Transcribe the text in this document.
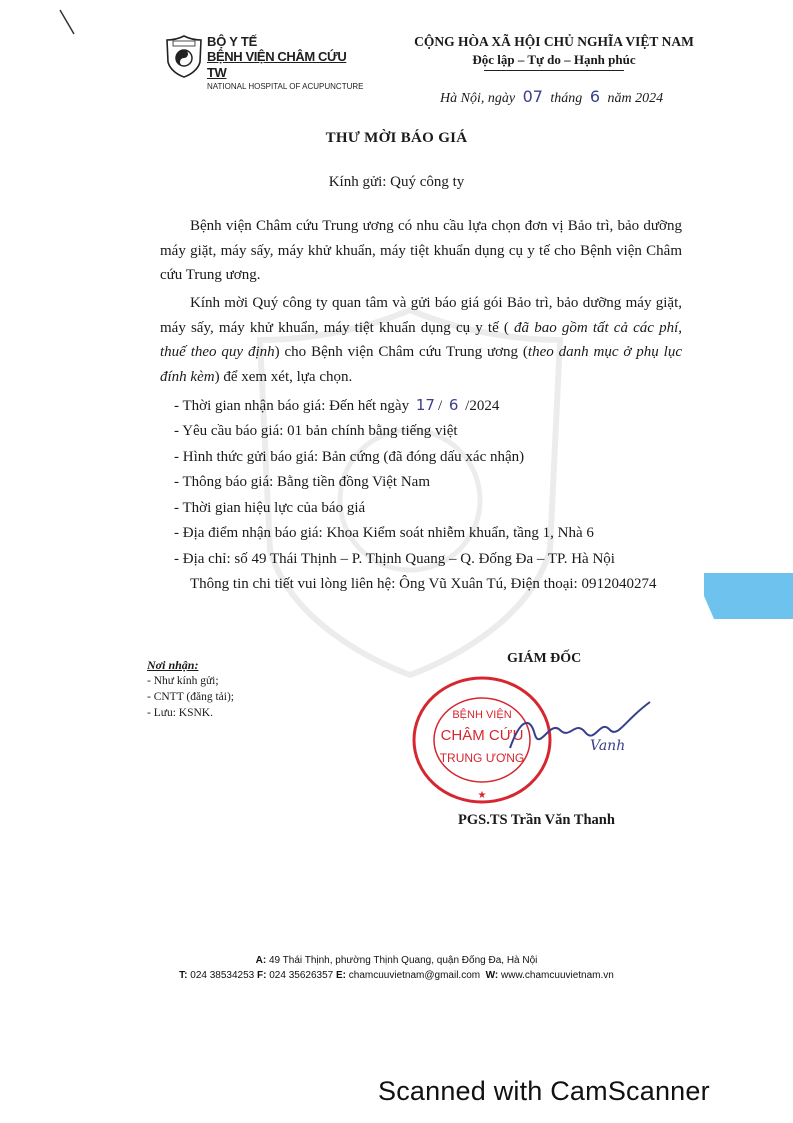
BỘ Y TẾ
BỆNH VIỆN CHÂM CỨU TW
NATIONAL HOSPITAL OF ACUPUNCTURE
CỘNG HÒA XÃ HỘI CHỦ NGHĨA VIỆT NAM
Độc lập – Tự do – Hạnh phúc
Hà Nội, ngày 07 tháng 6 năm 2024
THƯ MỜI BÁO GIÁ
Kính gửi: Quý công ty

Bệnh viện Châm cứu Trung ương có nhu cầu lựa chọn đơn vị Bảo trì, bảo dưỡng máy giặt, máy sấy, máy khử khuẩn, máy tiệt khuẩn dụng cụ y tế cho Bệnh viện Châm cứu Trung ương.

Kính mời Quý công ty quan tâm và gửi báo giá gói Bảo trì, bảo dưỡng máy giặt, máy sấy, máy khử khuẩn, máy tiệt khuẩn dụng cụ y tế ( đã bao gồm tất cả các phí, thuế theo quy định) cho Bệnh viện Châm cứu Trung ương (theo danh mục ở phụ lục đính kèm) để xem xét, lựa chọn.

- Thời gian nhận báo giá: Đến hết ngày 17 / 6 /2024
- Yêu cầu báo giá: 01 bản chính bằng tiếng việt
- Hình thức gửi báo giá: Bản cứng (đã đóng dấu xác nhận)
- Thông báo giá: Bằng tiền đồng Việt Nam
- Thời gian hiệu lực của báo giá
- Địa điểm nhận báo giá: Khoa Kiểm soát nhiễm khuẩn, tầng 1, Nhà 6
- Địa chỉ: số 49 Thái Thịnh – P. Thịnh Quang – Q. Đống Đa – TP. Hà Nội

Thông tin chi tiết vui lòng liên hệ: Ông Vũ Xuân Tú, Điện thoại: 0912040274

Nơi nhận:
- Như kính gửi;
- CNTT (đăng tải);
- Lưu: KSNK.
GIÁM ĐỐC
BỆNH VIỆN
CHÂM CỨU
TRUNG ƯƠNG
★
Vanh
PGS.TS Trần Văn Thanh
A: 49 Thái Thịnh, phường Thịnh Quang, quận Đống Đa, Hà Nội
T: 024 38534253 F: 024 35626357 E: chamcuuvietnam@gmail.com W: www.chamcuuvietnam.vn
Scanned with CamScanner
